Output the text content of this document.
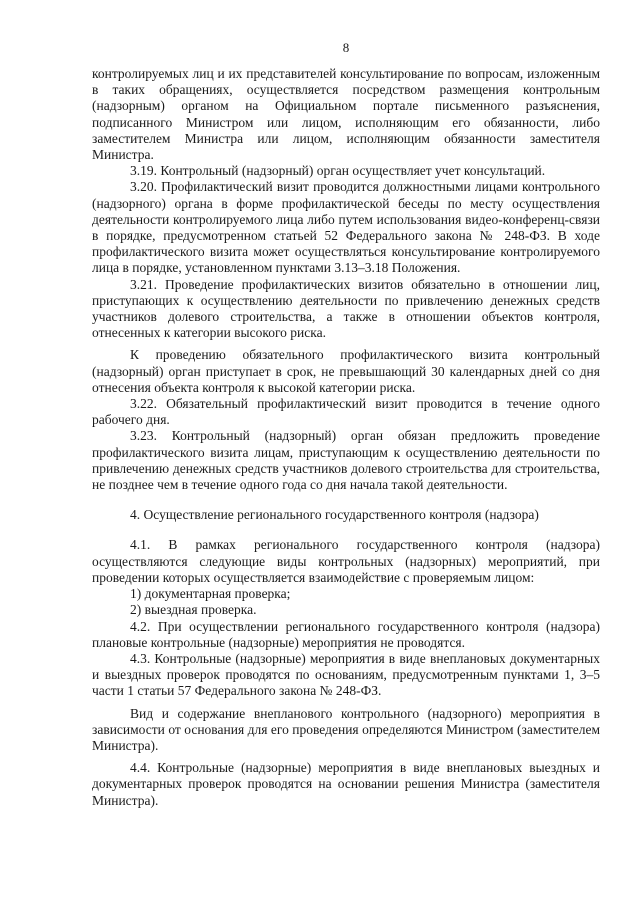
8

контролируемых лиц и их представителей консультирование по вопросам, изложенным в таких обращениях, осуществляется посредством размещения контрольным (надзорным) органом на Официальном портале письменного разъяснения, подписанного Министром или лицом, исполняющим его обязанности, либо заместителем Министра или лицом, исполняющим обязанности заместителя Министра.

3.19. Контрольный (надзорный) орган осуществляет учет консультаций.

3.20. Профилактический визит проводится должностными лицами контрольного (надзорного) органа в форме профилактической беседы по месту осуществления деятельности контролируемого лица либо путем использования видео-конференц-связи в порядке, предусмотренном статьей 52 Федерального закона № 248-ФЗ. В ходе профилактического визита может осуществляться консультирование контролируемого лица в порядке, установленном пунктами 3.13–3.18 Положения.

3.21. Проведение профилактических визитов обязательно в отношении лиц, приступающих к осуществлению деятельности по привлечению денежных средств участников долевого строительства, а также в отношении объектов контроля, отнесенных к категории высокого риска.

К проведению обязательного профилактического визита контрольный (надзорный) орган приступает в срок, не превышающий 30 календарных дней со дня отнесения объекта контроля к высокой категории риска.

3.22. Обязательный профилактический визит проводится в течение одного рабочего дня.

3.23. Контрольный (надзорный) орган обязан предложить проведение профилактического визита лицам, приступающим к осуществлению деятельности по привлечению денежных средств участников долевого строительства для строительства, не позднее чем в течение одного года со дня начала такой деятельности.

4. Осуществление регионального государственного контроля (надзора)

4.1. В рамках регионального государственного контроля (надзора) осуществляются следующие виды контрольных (надзорных) мероприятий, при проведении которых осуществляется взаимодействие с проверяемым лицом:

1) документарная проверка;

2) выездная проверка.

4.2. При осуществлении регионального государственного контроля (надзора) плановые контрольные (надзорные) мероприятия не проводятся.

4.3. Контрольные (надзорные) мероприятия в виде внеплановых документарных и выездных проверок проводятся по основаниям, предусмотренным пунктами 1, 3–5 части 1 статьи 57 Федерального закона № 248-ФЗ.

Вид и содержание внепланового контрольного (надзорного) мероприятия в зависимости от основания для его проведения определяются Министром (заместителем Министра).

4.4. Контрольные (надзорные) мероприятия в виде внеплановых выездных и документарных проверок проводятся на основании решения Министра (заместителя Министра).
